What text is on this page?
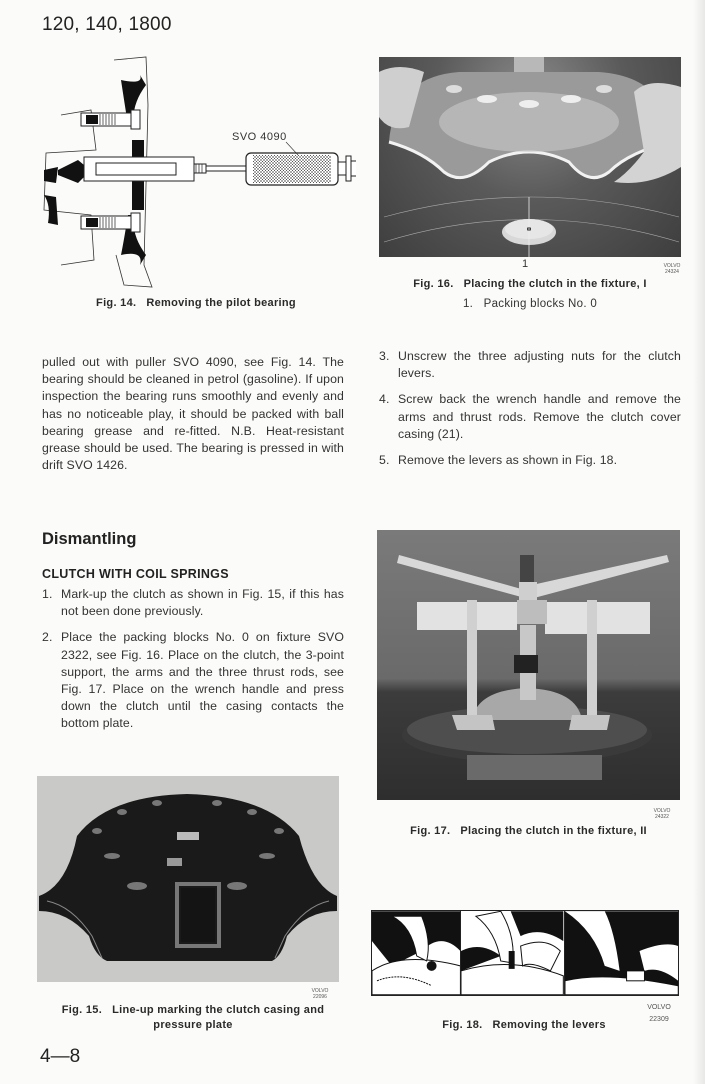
120, 140, 1800
4—8
SVO 4090
Fig. 14. Removing the pilot bearing
1	VOLVO
24324
Fig. 16. Placing the clutch in the fixture, I
1.   Packing blocks No. 0
pulled out with puller SVO 4090, see Fig. 14. The bearing should be cleaned in petrol (gasoline). If upon inspection the bearing runs smoothly and evenly and has no noticeable play, it should be packed with ball bearing grease and re-fitted. N.B. Heat-resistant grease should be used. The bearing is pressed in with drift SVO 1426.
3. Unscrew the three adjusting nuts for the clutch levers.
4. Screw back the wrench handle and remove the arms and thrust rods. Remove the clutch cover casing (21).
5. Remove the levers as shown in Fig. 18.
Dismantling
CLUTCH WITH COIL SPRINGS
1. Mark-up the clutch as shown in Fig. 15, if this has not been done previously.
2. Place the packing blocks No. 0 on fixture SVO 2322, see Fig. 16. Place on the clutch, the 3-point support, the arms and the three thrust rods, see Fig. 17. Place on the wrench handle and press down the clutch until the casing contacts the bottom plate.
VOLVO
24322
Fig. 17. Placing the clutch in the fixture, II
VOLVO
22096
Fig. 15. Line-up marking the clutch casing and
pressure plate
VOLVO
22309
Fig. 18. Removing the levers
